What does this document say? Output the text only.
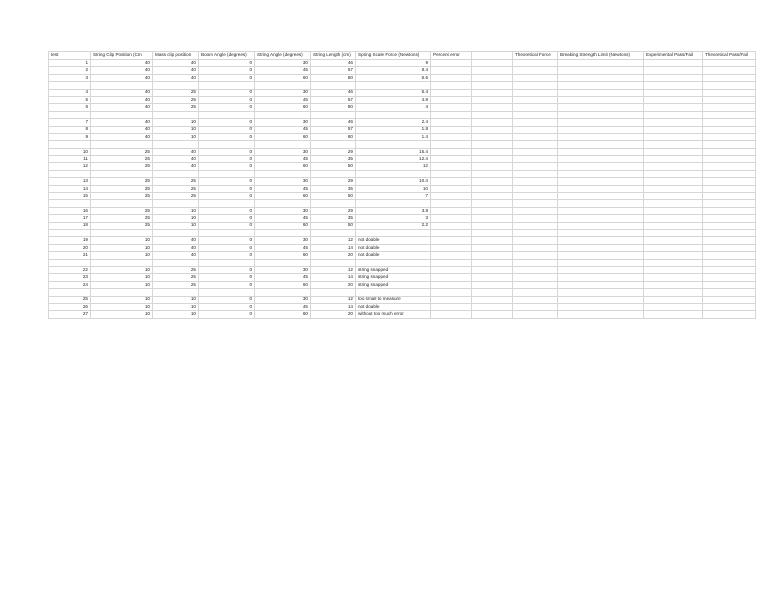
test	String Clip Position (Cm	Mass clip position	Boom Angle (degrees)	String Angle (degrees)	String Length (cm)	Spring Scale Force (Newtons)	Percent error		Theoretical Force	Breaking Strength Limit (Newtons)	Experimental Pass/Fail	Theoretical Pass/Fail
1	40	40	0	30	46	9						
2	40	40	0	45	57	8.4						
3	40	40	0	60	80	6.6						

4	40	25	0	30	46	6.4						
5	40	25	0	45	57	4.8						
6	40	25	0	60	80	4						

7	40	10	0	30	46	2.4						
8	40	10	0	45	57	1.8						
9	40	10	0	60	80	1.4						

10	25	40	0	30	29	15.4						
11	25	40	0	45	35	12.4						
12	25	40	0	60	50	12						

13	25	25	0	30	29	10.4						
14	25	25	0	45	35	10						
15	25	25	0	60	50	7						

16	25	10	0	30	29	3.8						
17	25	10	0	45	35	3						
18	25	10	0	60	50	2.2						

19	10	40	0	30	12	not doable						
20	10	40	0	45	14	not doable						
21	10	40	0	60	20	not doable						

22	10	25	0	30	12	string snapped						
23	10	25	0	45	14	string snapped						
24	10	25	0	60	20	string snapped						

25	10	10	0	30	12	too small to measure						
26	10	10	0	45	14	not doable						
27	10	10	0	60	20	without too much error						
